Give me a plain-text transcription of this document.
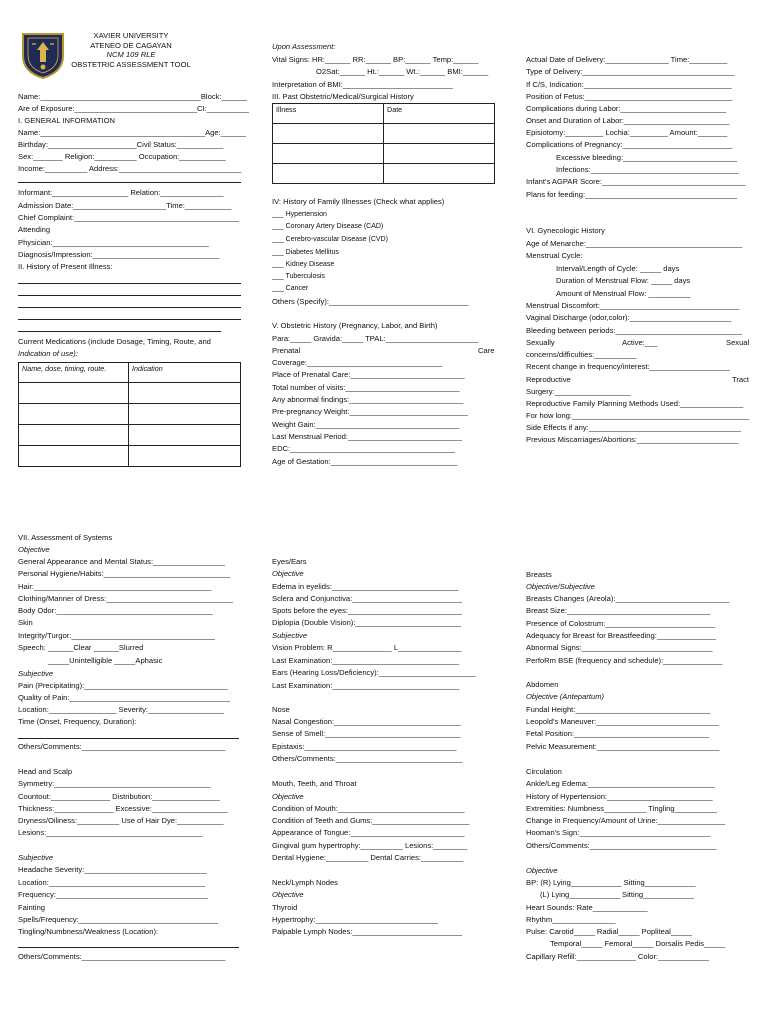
XAVIER UNIVERSITY
ATENEO DE CAGAYAN
NCM 109 RLE
OBSTETRIC ASSESSMENT TOOL
Name:______________________________________Block:______
Are of Exposure:_____________________________CI:__________
I. GENERAL INFORMATION
Name:_______________________________________Age:______
Birthday:_____________________Civil Status:___________
Sex:_______ Religion:__________ Occupation:___________
Income:__________ Address:_____________________________
Informant:__________________ Relation:_______________
Admission Date:______________________Time:___________
Chief Complaint:_______________________________________
Attending
Physician:_____________________________________
Diagnosis/Impression:______________________________
II. History of Present Illness:
Current Medications (include Dosage, Timing, Route, and
Indication of use):
Name, dose, timing, route.	Indication

Upon Assessment:
Vital Signs: HR:______ RR:______ BP:______ Temp:______
O2Sat:______ Ht.:______ Wt.:______ BMI:______
Interpretation of BMI:__________________________
III. Past Obstetric/Medical/Surgical History
Illness	Date

IV: History of Family Illnesses (Check what applies)
___ Hypertension
___ Coronary Artery Disease (CAD)
___ Cerebro-vascular Disease (CVD)
___ Diabetes Mellitus
___ Kidney Disease
___ Tuberculosis
___ Cancer
Others (Specify):_________________________________
V. Obstetric History (Pregnancy, Labor, and Birth)
Para:_____ Gravida:_____ TPAL:______________________
Prenatal	Care
Coverage:________________________________
Place of Prenatal Care:___________________________
Total number of visits:___________________________
Any abnormal findings:___________________________
Pre-pregnancy Weight:____________________________
Weight Gain:__________________________________
Last Menstrual Period:___________________________
EDC:_______________________________________
Age of Gestation:______________________________
Actual Date of Delivery:_______________ Time:_________
Type of Delivery:____________________________________
If C/S, Indication:___________________________________
Position of Fetus:___________________________________
Complications during Labor:_________________________
Onset and Duration of Labor:_________________________
Episiotomy:_________ Lochia:_________ Amount:_______
Complications of Pregnancy:__________________________
Excessive bleeding:___________________________
Infections:___________________________________
Infant's AGPAR Score:__________________________________
Plans for feeding:____________________________________
VI. Gynecologic History
Age of Menarche:_____________________________________
Menstrual Cycle:
Interval/Length of Cycle: _____ days
Duration of Menstrual Flow: _____ days
Amount of Menstrual Flow: __________
Menstrual Discomfort:_________________________________
Vaginal Discharge (odor,color):________________________
Bleeding between periods:______________________________
Sexually	Active:___	Sexual
concerns/difficulties:__________
Recent change in frequency/interest:___________________
Reproductive	Tract
Surgery:__________________
Reproductive Family Planning Methods Used:_______________
For how long:__________________________________________
Side Effects if any:____________________________________
Previous Miscarriages/Abortions:________________________
VII. Assessment of Systems
Objective
General Appearance and Mental Status:_________________
Personal Hygiene/Habits:______________________________
Hair:__________________________________________
Clothing/Manner of Dress:______________________________
Body Odor:_____________________________________
Skin
Integrity/Turgor:__________________________________
Speech: ______Clear ______Slurred
_____Unintelligible _____Aphasic
Subjective
Pain (Precipitating):__________________________________
Quality of Pain:______________________________________
Location:________________ Severity:__________________
Time (Onset, Frequency, Duration):
Others/Comments:__________________________________
Head and Scalp
Symmetry:_____________________________________
Countout:______________ Distribution:________________
Thickness:______________ Excessive:__________________
Dryness/Oiliness:__________ Use of Hair Dye:___________
Lesions:_____________________________________
Subjective
Headache Severity:_____________________________
Location:_____________________________________
Frequency:____________________________________
Fainting
Spells/Frequency:_________________________________
Tingling/Numbness/Weakness (Location):
Others/Comments:__________________________________
Eyes/Ears
Objective
Edema in eyelids:______________________________
Sclera and Conjunctiva:__________________________
Spots before the eyes:___________________________
Diplopia (Double Vision):_________________________
Subjective
Vision Problem: R______________ L_______________
Last Examination:______________________________
Ears (Hearing Loss/Deficiency):_______________________
Last Examination:______________________________
Nose
Nasal Congestion:______________________________
Sense of Smell:________________________________
Epistaxis:____________________________________
Others/Comments:______________________________
Mouth, Teeth, and Throat
Objective
Condition of Mouth:______________________________
Condition of Teeth and Gums:_______________________
Appearance of Tongue:___________________________
Gingival gum hypertrophy:__________ Lesions:________
Dental Hygiene:__________ Dental Carries:__________
Neck/Lymph Nodes
Objective
Thyroid
Hypertrophy:_____________________________
Palpable Lymph Nodes:__________________________
Breasts
Objective/Subjective
Breasts Changes (Areola):___________________________
Breast Size:__________________________________
Presence of Colostrum:__________________________
Adequacy for Breast for Breastfeeding:______________
Abnormal Signs:_______________________________
PerfoRm BSE (frequency and schedule):______________
Abdomen
Objective (Antepartum)
Fundal Height:________________________________
Leopold's Maneuver:_____________________________
Fetal Position:________________________________
Pelvic Measurement:_____________________________
Circulation
Ankle/Leg Edema:______________________________
History of Hypertension:_________________________
Extremities: Numbness__________ Tingling__________
Change in Frequency/Amount of Urine:________________
Hooman's Sign:_______________________________
Others/Comments:______________________________
Objective
BP: (R) Lying____________ Sitting____________
(L) Lying____________ Sitting____________
Heart Sounds: Rate_____________
Rhythm_______________
Pulse: Carotid_____ Radial_____ Popliteal_____
Temporal_____ Femoral_____ Dorsalis Pedis_____
Capillary Refill:______________ Color:____________
